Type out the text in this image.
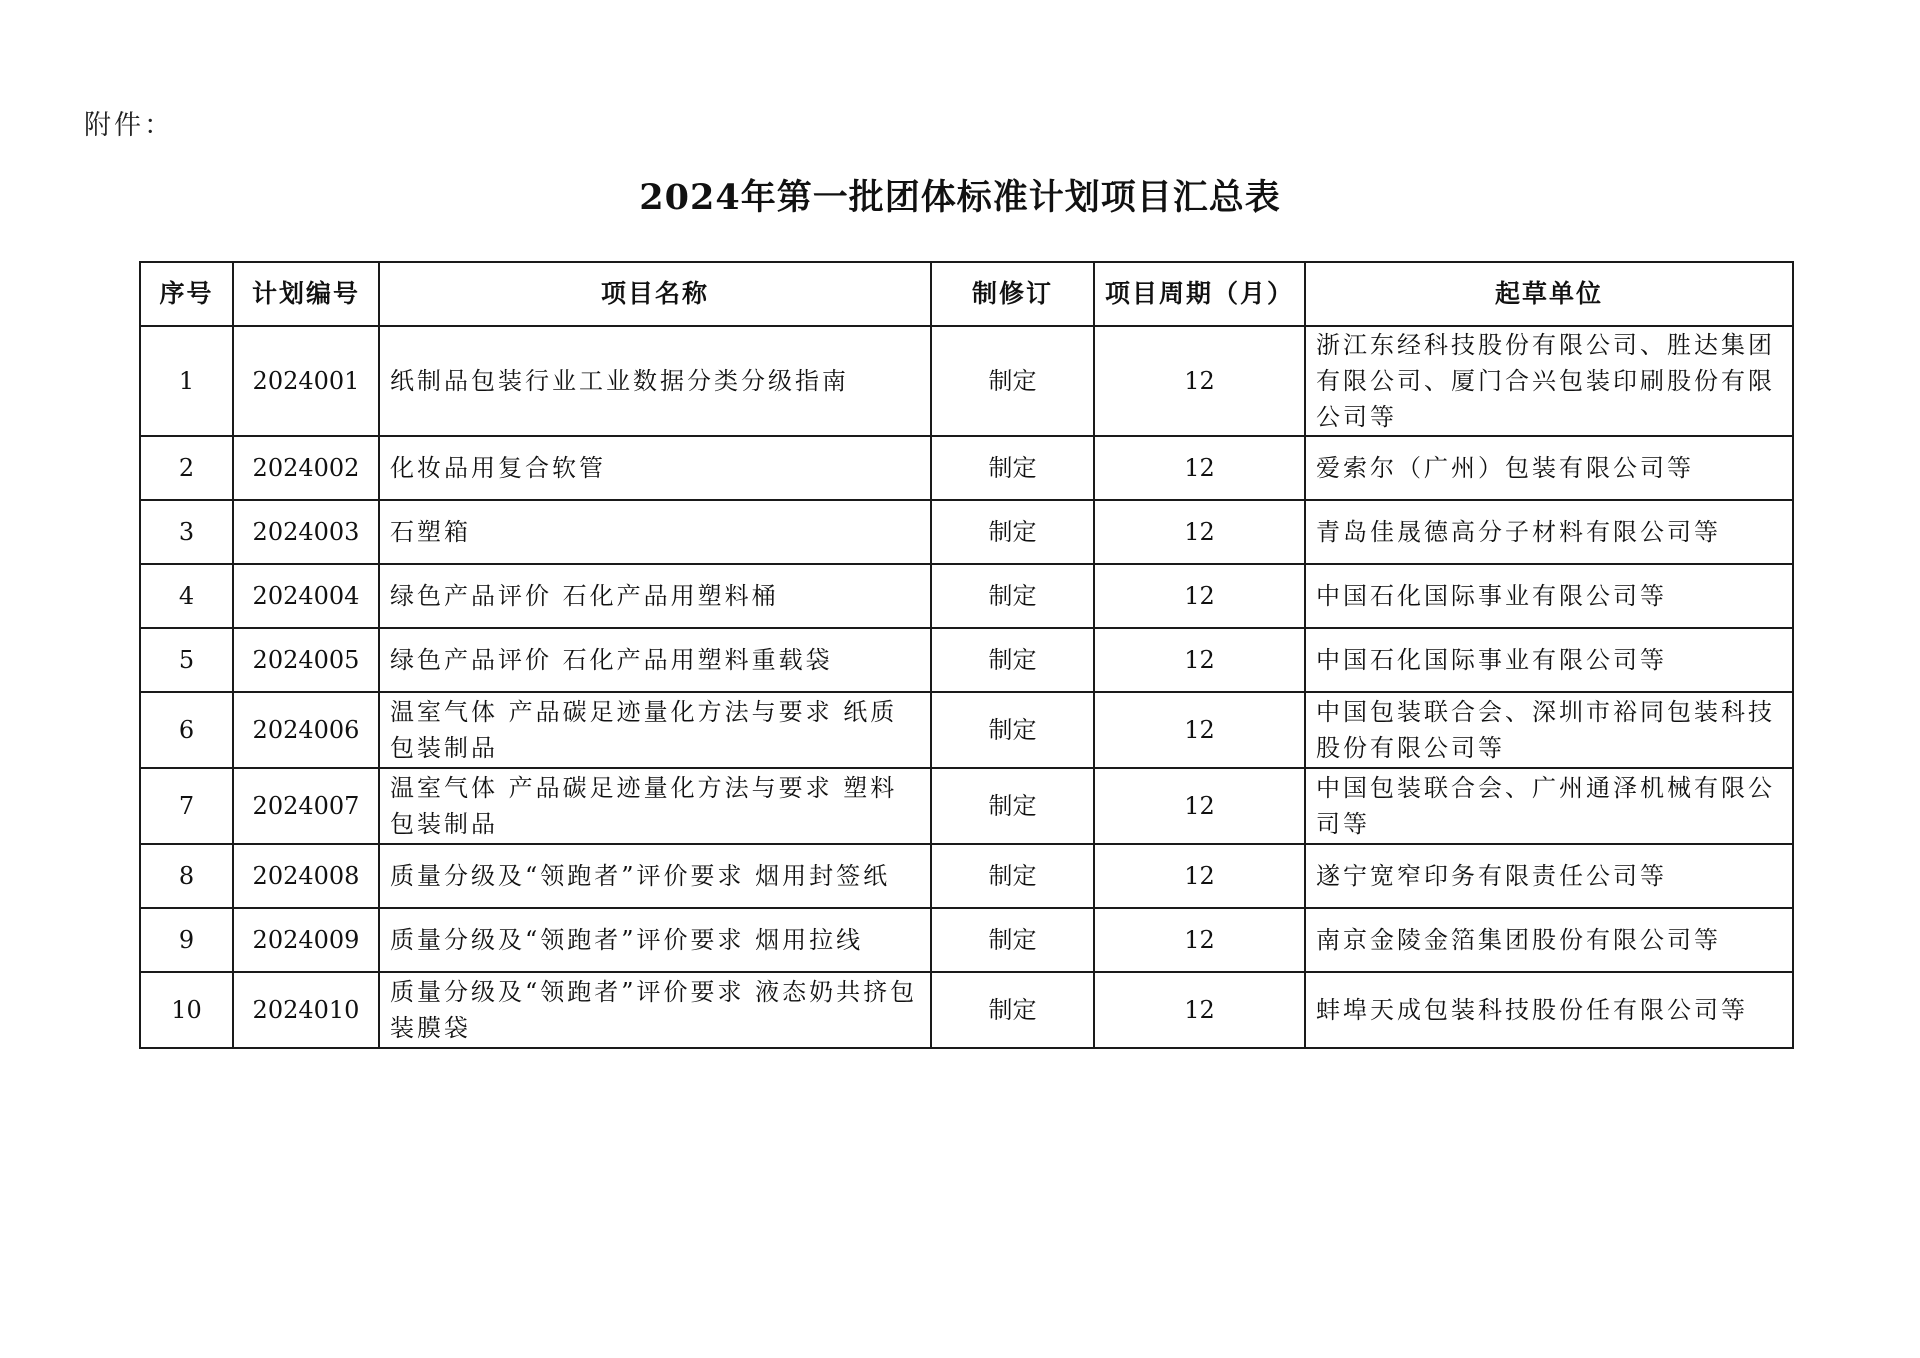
附件：
2024年第一批团体标准计划项目汇总表
序号	计划编号	项目名称	制修订	项目周期（月）	起草单位
1	2024001	纸制品包装行业工业数据分类分级指南	制定	12	浙江东经科技股份有限公司、胜达集团有限公司、厦门合兴包装印刷股份有限公司等
2	2024002	化妆品用复合软管	制定	12	爱索尔（广州）包装有限公司等
3	2024003	石塑箱	制定	12	青岛佳晟德高分子材料有限公司等
4	2024004	绿色产品评价 石化产品用塑料桶	制定	12	中国石化国际事业有限公司等
5	2024005	绿色产品评价 石化产品用塑料重载袋	制定	12	中国石化国际事业有限公司等
6	2024006	温室气体 产品碳足迹量化方法与要求 纸质包装制品	制定	12	中国包装联合会、深圳市裕同包装科技股份有限公司等
7	2024007	温室气体 产品碳足迹量化方法与要求 塑料包装制品	制定	12	中国包装联合会、广州通泽机械有限公司等
8	2024008	质量分级及“领跑者”评价要求 烟用封签纸	制定	12	遂宁宽窄印务有限责任公司等
9	2024009	质量分级及“领跑者”评价要求 烟用拉线	制定	12	南京金陵金箔集团股份有限公司等
10	2024010	质量分级及“领跑者”评价要求 液态奶共挤包装膜袋	制定	12	蚌埠天成包装科技股份任有限公司等
